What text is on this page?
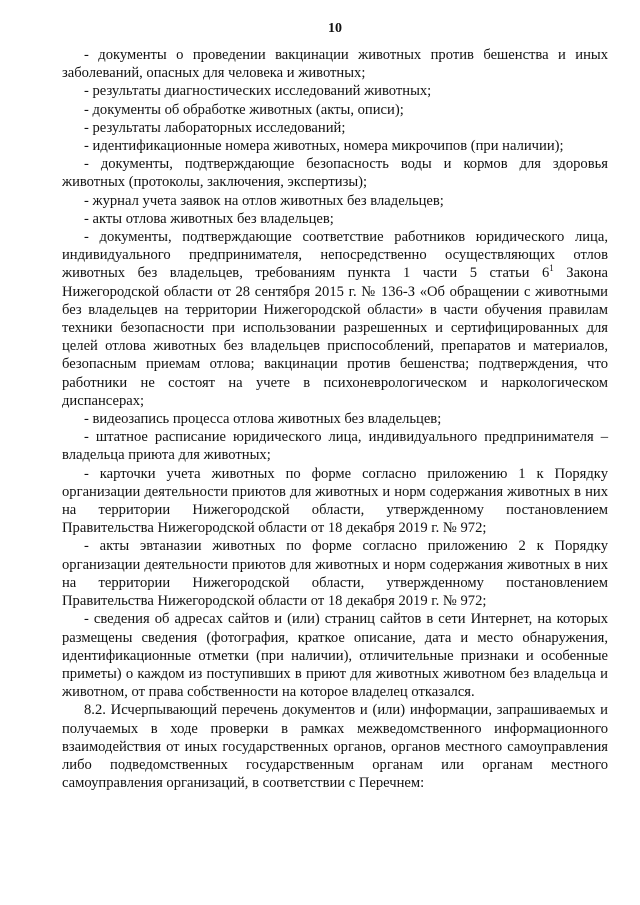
10

- документы о проведении вакцинации животных против бешенства и иных заболеваний, опасных для человека и животных;

- результаты диагностических исследований животных;

- документы об обработке животных (акты, описи);

- результаты лабораторных исследований;

- идентификационные номера животных, номера микрочипов (при наличии);

- документы, подтверждающие безопасность воды и кормов для здоровья животных (протоколы, заключения, экспертизы);

- журнал учета заявок на отлов животных без владельцев;

- акты отлова животных без владельцев;

- документы, подтверждающие соответствие работников юридического лица, индивидуального предпринимателя, непосредственно осуществляющих отлов животных без владельцев, требованиям пункта 1 части 5 статьи $6^1$ Закона Нижегородской области от 28 сентября 2015 г. № 136-З «Об обращении с животными без владельцев на территории Нижегородской области» в части обучения правилам техники безопасности при использовании разрешенных и сертифицированных для целей отлова животных без владельцев приспособлений, препаратов и материалов, безопасным приемам отлова; вакцинации против бешенства; подтверждения, что работники не состоят на учете в психоневрологическом и наркологическом диспансерах;

- видеозапись процесса отлова животных без владельцев;

- штатное расписание юридического лица, индивидуального предпринимателя – владельца приюта для животных;

- карточки учета животных по форме согласно приложению 1 к Порядку организации деятельности приютов для животных и норм содержания животных в них на территории Нижегородской области, утвержденному постановлением Правительства Нижегородской области от 18 декабря 2019 г. № 972;

- акты эвтаназии животных по форме согласно приложению 2 к Порядку организации деятельности приютов для животных и норм содержания животных в них на территории Нижегородской области, утвержденному постановлением Правительства Нижегородской области от 18 декабря 2019 г. № 972;

- сведения об адресах сайтов и (или) страниц сайтов в сети Интернет, на которых размещены сведения (фотография, краткое описание, дата и место обнаружения, идентификационные отметки (при наличии), отличительные признаки и особенные приметы) о каждом из поступивших в приют для животных животном без владельца и животном, от права собственности на которое владелец отказался.

8.2. Исчерпывающий перечень документов и (или) информации, запрашиваемых и получаемых в ходе проверки в рамках межведомственного информационного взаимодействия от иных государственных органов, органов местного самоуправления либо подведомственных государственным органам или органам местного самоуправления организаций, в соответствии с Перечнем:
